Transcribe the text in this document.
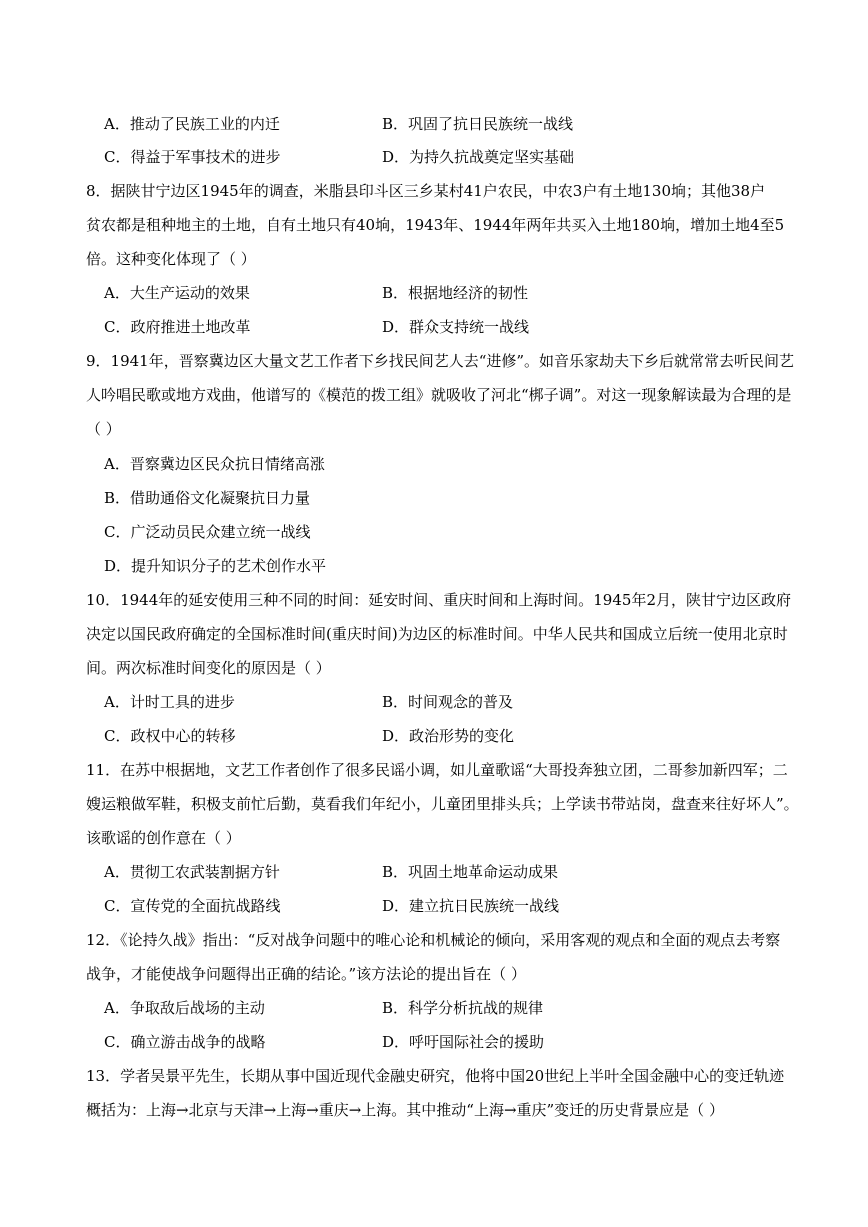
A．推动了民族工业的内迁	B．巩固了抗日民族统一战线
C．得益于军事技术的进步	D．为持久抗战奠定坚实基础
8．据陕甘宁边区1945年的调查，米脂县印斗区三乡某村41户农民，中农3户有土地130垧；其他38户
贫农都是租种地主的土地，自有土地只有40垧，1943年、1944年两年共买入土地180垧，增加土地4至5
倍。这种变化体现了（ ）
A．大生产运动的效果	B．根据地经济的韧性
C．政府推进土地改革	D．群众支持统一战线
9．1941年，晋察冀边区大量文艺工作者下乡找民间艺人去“进修”。如音乐家劫夫下乡后就常常去听民间艺
人吟唱民歌或地方戏曲，他谱写的《模范的拨工组》就吸收了河北“梆子调”。对这一现象解读最为合理的是
（ ）
A．晋察冀边区民众抗日情绪高涨
B．借助通俗文化凝聚抗日力量
C．广泛动员民众建立统一战线
D．提升知识分子的艺术创作水平
10．1944年的延安使用三种不同的时间：延安时间、重庆时间和上海时间。1945年2月，陕甘宁边区政府
决定以国民政府确定的全国标准时间(重庆时间)为边区的标准时间。中华人民共和国成立后统一使用北京时
间。两次标准时间变化的原因是（ ）
A．计时工具的进步	B．时间观念的普及
C．政权中心的转移	D．政治形势的变化
11．在苏中根据地，文艺工作者创作了很多民谣小调，如儿童歌谣“大哥投奔独立团，二哥参加新四军；二
嫂运粮做军鞋，积极支前忙后勤，莫看我们年纪小，儿童团里排头兵；上学读书带站岗，盘查来往好坏人”。
该歌谣的创作意在（ ）
A．贯彻工农武装割据方针	B．巩固土地革命运动成果
C．宣传党的全面抗战路线	D．建立抗日民族统一战线
12．《论持久战》指出：“反对战争问题中的唯心论和机械论的倾向，采用客观的观点和全面的观点去考察
战争，才能使战争问题得出正确的结论。”该方法论的提出旨在（ ）
A．争取敌后战场的主动	B．科学分析抗战的规律
C．确立游击战争的战略	D．呼吁国际社会的援助
13．学者吴景平先生，长期从事中国近现代金融史研究，他将中国20世纪上半叶全国金融中心的变迁轨迹
概括为：上海→北京与天津→上海→重庆→上海。其中推动“上海→重庆”变迁的历史背景应是（ ）
